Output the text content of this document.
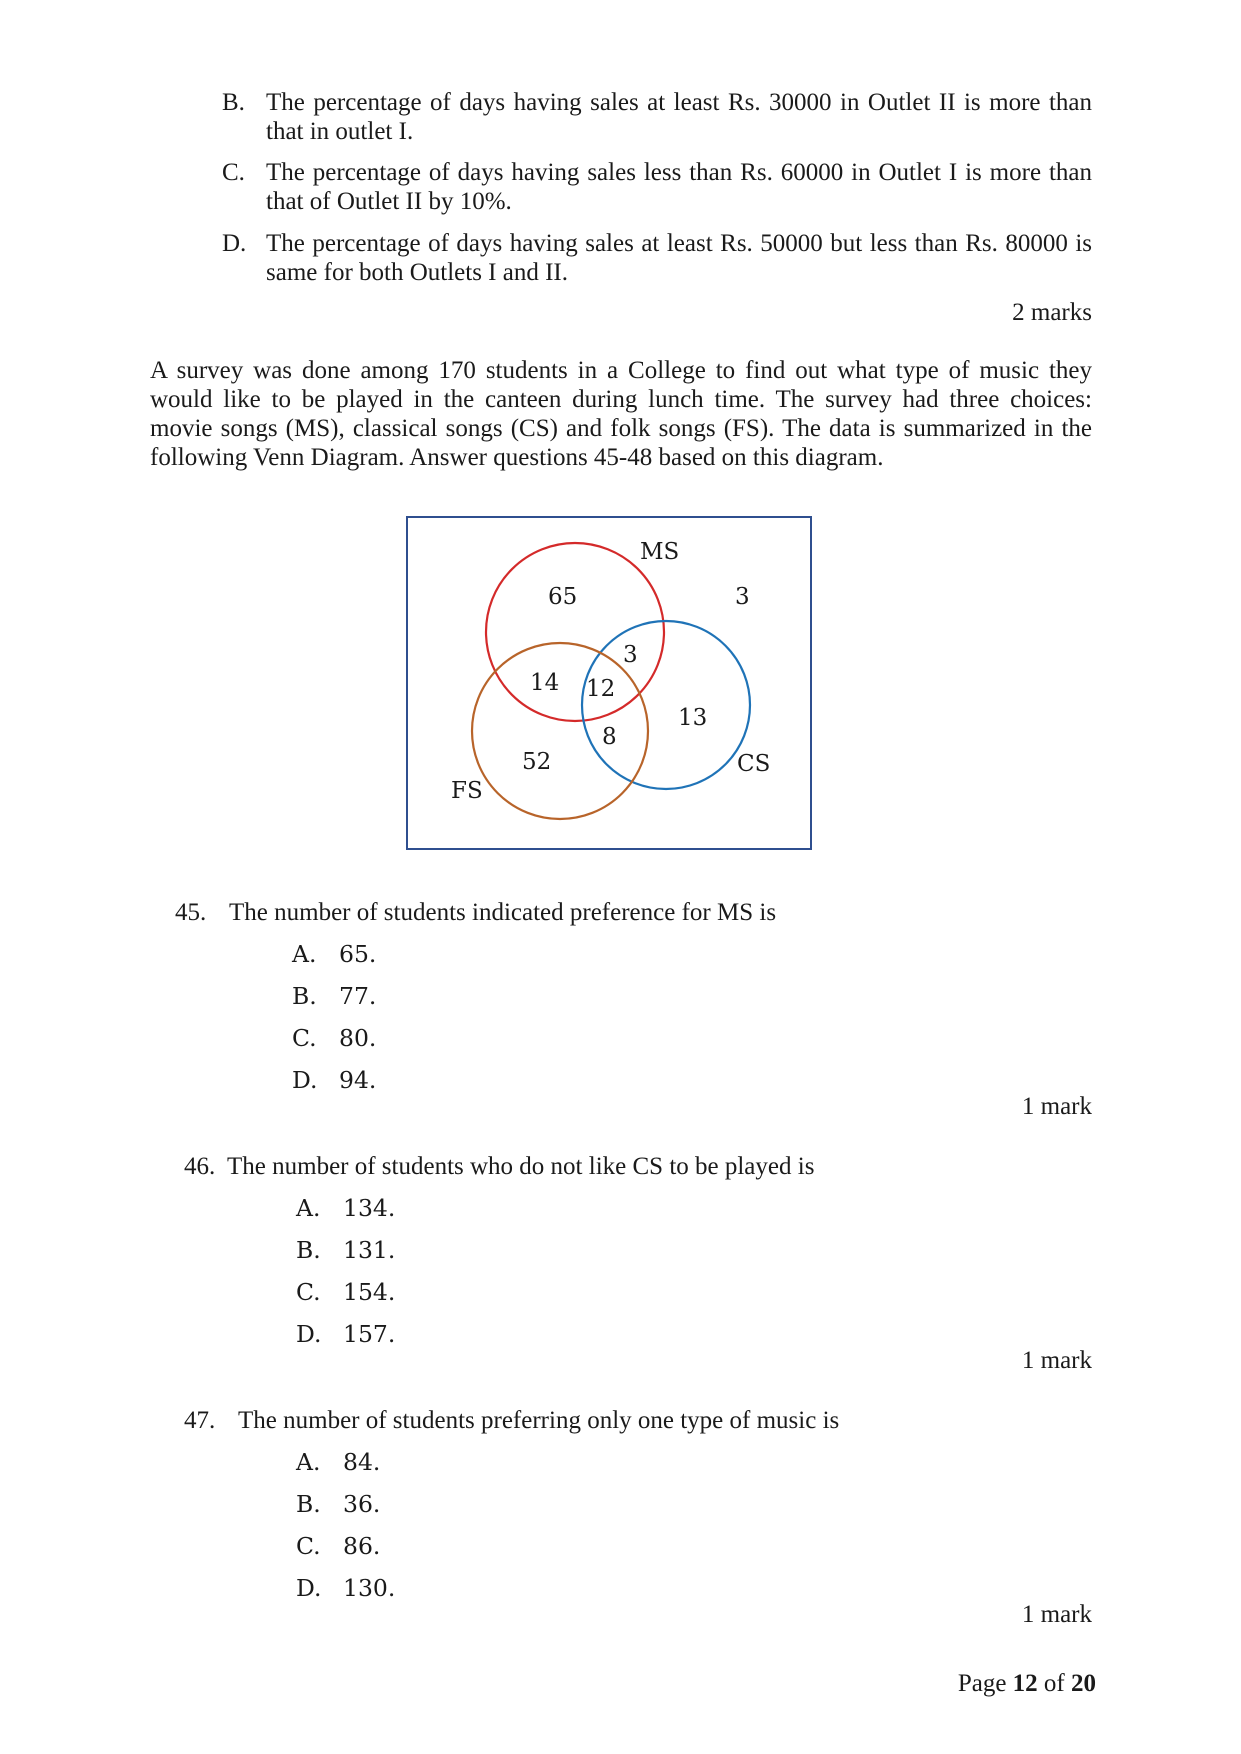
B. The percentage of days having sales at least Rs. 30000 in Outlet II is more than that in outlet I.
C. The percentage of days having sales less than Rs. 60000 in Outlet I is more than that of Outlet II by 10%.
D. The percentage of days having sales at least Rs. 50000 but less than Rs. 80000 is same for both Outlets I and II.
2 marks
A survey was done among 170 students in a College to find out what type of music they would like to be played in the canteen during lunch time. The survey had three choices: movie songs (MS), classical songs (CS) and folk songs (FS). The data is summarized in the following Venn Diagram. Answer questions 45-48 based on this diagram.
MS
CS
FS
65	3
3
14 12
13
8
52
45. The number of students indicated preference for MS is
A. 65.
B. 77.
C. 80.
D. 94.
1 mark
46. The number of students who do not like CS to be played is
A. 134.
B. 131.
C. 154.
D. 157.
1 mark
47. The number of students preferring only one type of music is
A. 84.
B. 36.
C. 86.
D. 130.
1 mark
Page 12 of 20
